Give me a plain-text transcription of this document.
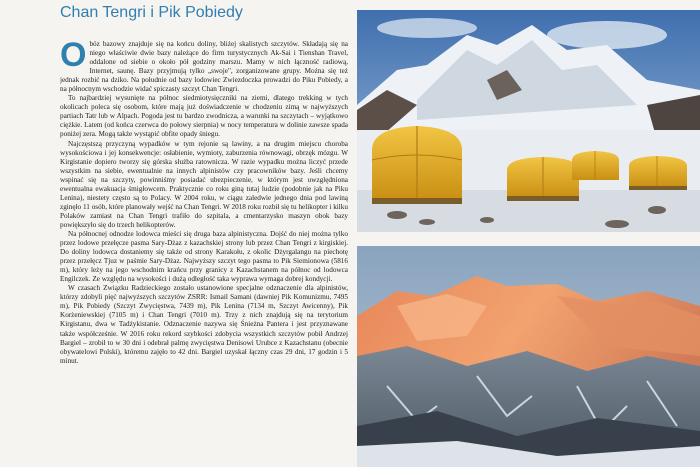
Chan Tengri i Pik Pobiedy

Obóz bazowy znajduje się na końcu doliny, bliżej skalistych szczytów. Składają się na niego właściwie dwie bazy należące do firm turystycznych Ak-Sai i Tienshan Travel, oddalone od siebie o około pół godziny marszu. Mamy w nich łączność radiową, Internet, saunę. Bazy przyjmują tylko „swoje", zorganizowane grupy. Można się też jednak rozbić na dziko. Na południe od bazy lodowiec Zwiezdoczka prowadzi do Piku Pobiedy, a na północnym wschodzie widać spiczasty szczyt Chan Tengri.

To najbardziej wysunięte na północ siedmiotysięczniki na ziemi, dlatego trekking w tych okolicach poleca się osobom, które mają już doświadczenie w chodzeniu zimą w najwyższych partiach Tatr lub w Alpach. Pogoda jest tu bardzo zwodnicza, a warunki na szczytach – wyjątkowo ciężkie. Latem (od końca czerwca do połowy sierpnia) w nocy temperatura w dolinie zawsze spada poniżej zera. Mogą także wystąpić obfite opady śniegu.

Najczęstszą przyczyną wypadków w tym rejonie są lawiny, a na drugim miejscu choroba wysokościowa i jej konsekwencje: osłabienie, wymioty, zaburzenia równowagi, obrzęk mózgu. W Kirgistanie dopiero tworzy się górska służba ratownicza. W razie wypadku można liczyć przede wszystkim na siebie, ewentualnie na innych alpinistów czy pracowników bazy. Jeśli chcemy wspinać się na szczyty, powinniśmy posiadać ubezpieczenie, w którym jest uwzględniona ewentualna ewakuacja śmigłowcem. Praktycznie co roku giną tutaj ludzie (podobnie jak na Piku Lenina), niestety często są to Polacy. W 2004 roku, w ciągu zaledwie jednego dnia pod lawiną zginęło 11 osób, które planowały wejść na Chan Tengri. W 2018 roku rozbił się tu helikopter i kilku Polaków zamiast na Chan Tengri trafiło do szpitala, a cmentarzysko maszyn obok bazy powiększyło się do trzech helikopterów.

Na północnej odnodze lodowca mieści się druga baza alpinistyczna. Dojść do niej można tylko przez lodowe przełęcze pasma Sary-Dżaz z kazachskiej strony lub przez Chan Tengri z kirgiskiej. Do doliny lodowca dostaniemy się także od strony Karakołu, z okolic Dżyrgalangu na piechotę przez przełęcz Tjuz w paśmie Sary-Dżaz. Najwyższy szczyt tego pasma to Pik Siemionowa (5816 m), który leży na jego wschodnim krańcu przy granicy z Kazachstanem na północ od lodowca Engilczek. Ze względu na wysokości i dużą odległość taka wyprawa wymaga dobrej kondycji.

W czasach Związku Radzieckiego zostało ustanowione specjalne odznaczenie dla alpinistów, którzy zdobyli pięć najwyższych szczytów ZSRR: Ismail Samani (dawniej Pik Komunizmu, 7495 m), Pik Pobiedy (Szczyt Zwycięstwa, 7439 m), Pik Lenina (7134 m, Szczyt Awicenny), Pik Korżeniewskiej (7105 m) i Chan Tengri (7010 m). Trzy z nich znajdują się na terytorium Kirgistanu, dwa w Tadżykistanie. Odznaczenie nazywa się Śnieżna Pantera i jest przyznawane także współcześnie. W 2016 roku rekord szybkości zdobycia wszystkich szczytów pobił Andrzej Bargiel – zrobił to w 30 dni i odebrał palmę zwycięstwa Denisowi Urubce z Kazachstanu (obecnie obywatelowi Polski), któremu zajęło to 42 dni. Bargiel uzyskał łączny czas 29 dni, 17 godzin i 5 minut.
